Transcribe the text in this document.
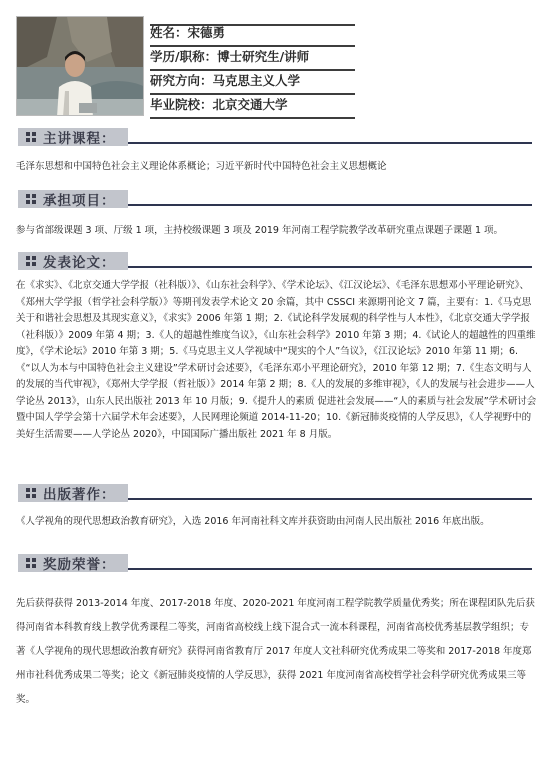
姓名：宋德勇
学历/职称：博士研究生/讲师
研究方向：马克思主义人学
毕业院校：北京交通大学
主讲课程：

毛泽东思想和中国特色社会主义理论体系概论；习近平新时代中国特色社会主义思想概论

承担项目：

参与省部级课题 3 项、厅级 1 项，主持校级课题 3 项及 2019 年河南工程学院教学改革研究重点课题子课题 1 项。

发表论文：

在《求实》、《北京交通大学学报（社科版）》、《山东社会科学》、《学术论坛》、《江汉论坛》、《毛泽东思想邓小平理论研究》、《郑州大学学报（哲学社会科学版）》等期刊发表学术论文 20 余篇，其中 CSSCI 来源期刊论文 7 篇，主要有：1.《马克思关于和谐社会思想及其现实意义》，《求实》2006 年第 1 期；2.《试论科学发展观的科学性与人本性》，《北京交通大学学报（社科版）》2009 年第 4 期；3.《人的超越性维度刍议》，《山东社会科学》2010 年第 3 期；4.《试论人的超越性的四重维度》，《学术论坛》2010 年第 3 期；5.《马克思主义人学视域中“现实的个人”刍议》，《江汉论坛》2010 年第 11 期；6.《“以人为本与中国特色社会主义建设”学术研讨会述要》，《毛泽东邓小平理论研究》，2010 年第 12 期；7.《生态文明与人的发展的当代审视》，《郑州大学学报（哲社版）》2014 年第 2 期；8.《人的发展的多维审视》，《人的发展与社会进步——人学论丛 2013》，山东人民出版社 2013 年 10 月版；9.《提升人的素质 促进社会发展——“人的素质与社会发展”学术研讨会暨中国人学学会第十六届学术年会述要》，人民网理论频道 2014-11-20；10.《新冠肺炎疫情的人学反思》，《人学视野中的美好生活需要——人学论丛 2020》，中国国际广播出版社 2021 年 8 月版。

出版著作：

《人学视角的现代思想政治教育研究》，入选 2016 年河南社科文库并获资助由河南人民出版社 2016 年底出版。

奖励荣誉：

先后获得获得 2013-2014 年度、2017-2018 年度、2020-2021 年度河南工程学院教学质量优秀奖；所在课程团队先后获得河南省本科教育线上教学优秀课程二等奖，河南省高校线上线下混合式一流本科课程，河南省高校优秀基层教学组织；专著《人学视角的现代思想政治教育研究》获得河南省教育厅 2017 年度人文社科研究优秀成果二等奖和 2017-2018 年度郑州市社科优秀成果二等奖；论文《新冠肺炎疫情的人学反思》，获得 2021 年度河南省高校哲学社会科学研究优秀成果三等奖。
